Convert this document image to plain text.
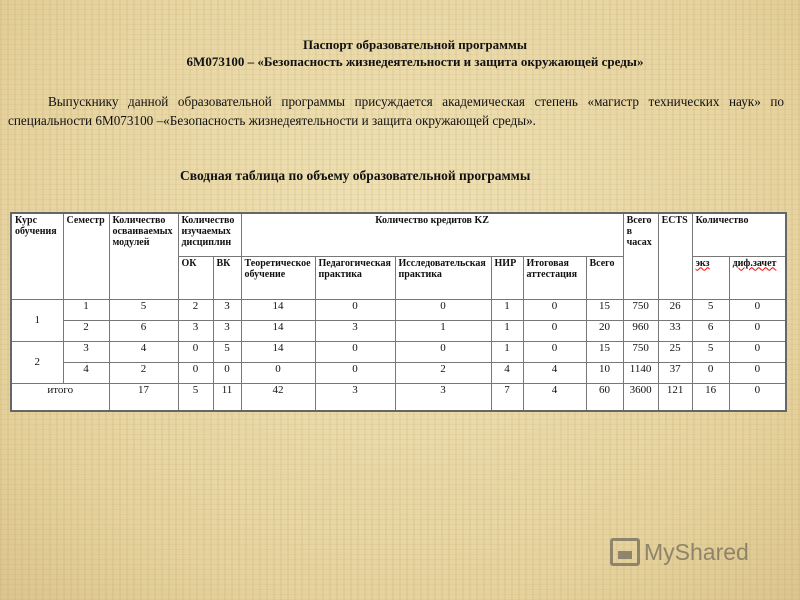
Паспорт образовательной программы
6М073100 – «Безопасность жизнедеятельности и защита окружающей среды»

Выпускнику данной образовательной программы присуждается академическая степень «магистр технических наук» по специальности 6М073100 –«Безопасность жизнедеятельности и защита окружающей среды».

Сводная таблица по объему образовательной программы
Курс обучения	Семестр	Количество осваиваемых модулей	Количество изучаемых дисциплин		Количество кредитов KZ						Всего в часах	ECTS	Количество	
			ОК	ВК	Теоретическое обучение	Педагогическая практика	Исследовательская практика	НИР	Итоговая аттестация	Всего			экз	диф.зачет
1	1	5	2	3	14	0	0	1	0	15	750	26	5	0
	2	6	3	3	14	3	1	1	0	20	960	33	6	0
2	3	4	0	5	14	0	0	1	0	15	750	25	5	0
	4	2	0	0	0	0	2	4	4	10	1140	37	0	0
итого		17	5	11	42	3	3	7	4	60	3600	121	16	0
MyShared
